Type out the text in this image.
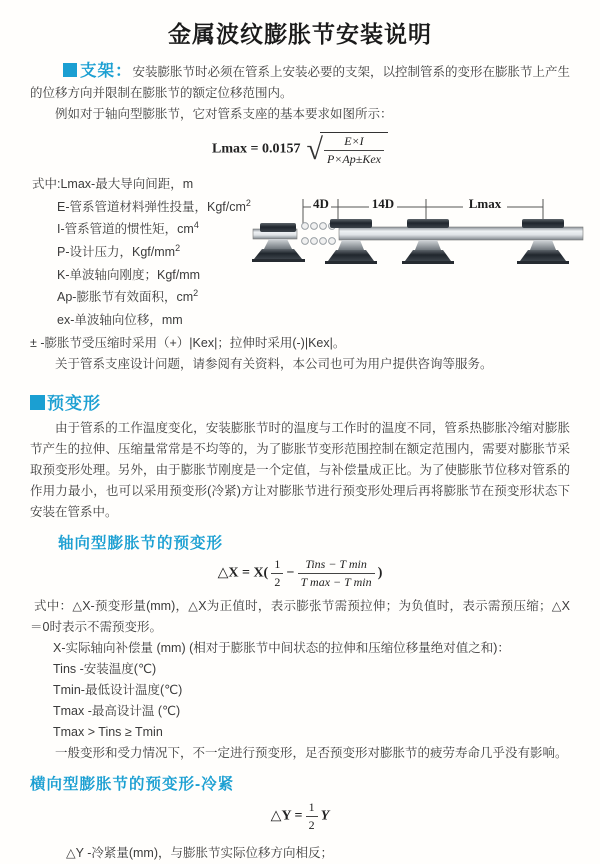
金属波纹膨胀节安装说明

支架：安装膨胀节时必须在管系上安装必要的支架，以控制管系的变形在膨胀节上产生的位移方向并限制在膨胀节的额定位移范围内。

例如对于轴向型膨胀节，它对管系支座的基本要求如图所示：

Lmax = 0.0157 √ $\frac{E\times I}{\text{P×Ap±Kex}}$
式中:Lmax-最大导向间距，m
E-管系管道材料弹性投量，Kgf/$cm^2$
I-管系管道的惯性矩，$cm^4$
P-设计压力，Kgf/$mm^2$
K-单波轴向刚度；Kgf/mm
Ap-膨胀节有效面积，$cm^2$
ex-单波轴向位移，mm
4D	14D	Lmax

± -膨胀节受压缩时采用（+）|Kex|；拉伸时采用(-)|Kex|。

关于管系支座设计问题，请参阅有关资料，本公司也可为用户提供咨询等服务。

预变形

由于管系的工作温度变化，安装膨胀节时的温度与工作时的温度不同，管系热膨胀冷缩对膨胀节产生的拉伸、压缩量常常是不均等的，为了膨胀节变形范围控制在额定范围内，需要对膨胀节采取预变形处理。另外，由于膨胀节刚度是一个定值，与补偿量成正比。为了使膨胀节位移对管系的作用力最小，也可以采用预变形(冷紧)方让对膨胀节进行预变形处理后再将膨胀节在预变形状态下安装在管系中。

轴向型膨胀节的预变形
△X = $X( \frac{1}{2} - \frac{\text{Tins − T min}}{\text{T max − T min}}$ )

式中：△X-预变形量(mm)，△X为正值时，表示膨张节需预拉伸；为负值时，表示需预压缩；△X＝0时表示不需预变形。

X-实际轴向补偿量 (mm) (相对于膨胀节中间状态的拉伸和压缩位移量绝对值之和)：

Tins -安装温度(℃)
Tmin-最低设计温度(℃)
Tmax -最高设计温 (℃)
Tmax > Tins ≥ Tmin

一般变形和受力情况下，不一定进行预变形，足否预变形对膨胀节的疲劳寿命几乎没有影响。

横向型膨胀节的预变形-冷紧
△Y = $\frac{1}{2}$ Y

△Y -冷紧量(mm)，与膨胀节实际位移方向相反；
